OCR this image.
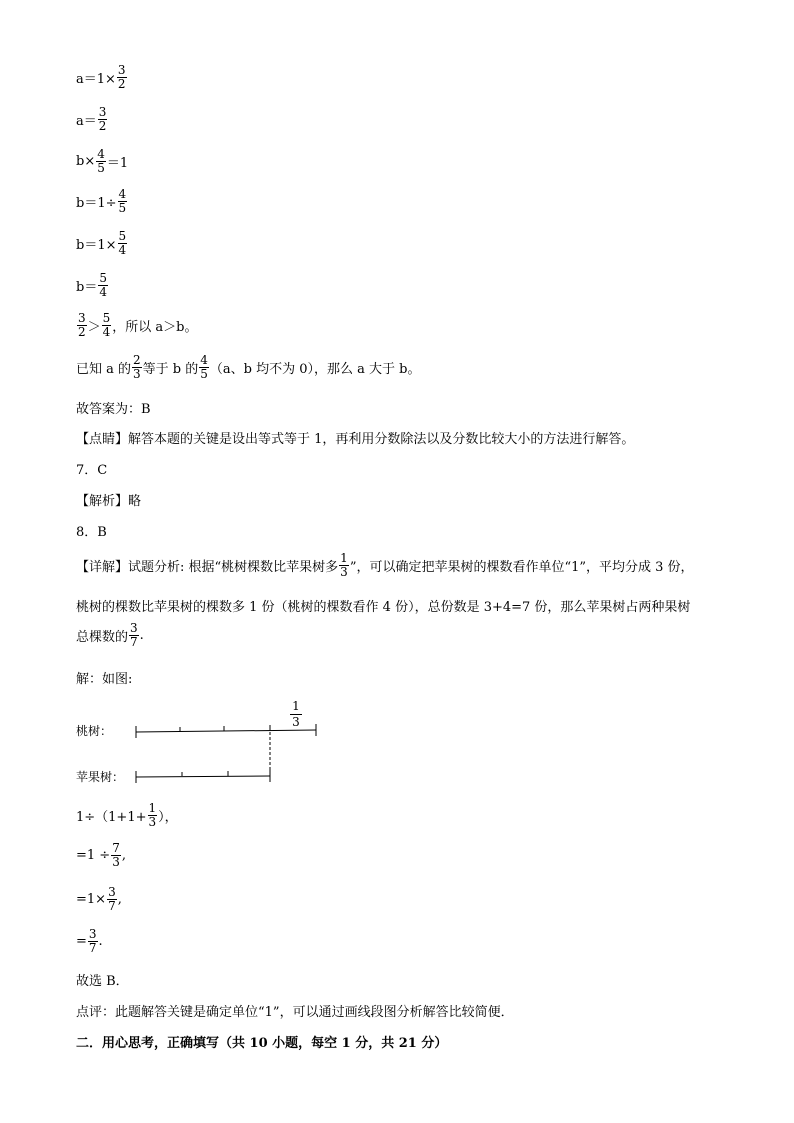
$a=1\times \frac{3}{2}$
$a= \frac{3}{2}$
$b\times \frac{4}{5} =1$
$b=1\div \frac{4}{5}$
$b=1\times \frac{5}{4}$
$b= \frac{5}{4}$
$\frac{3}{2} > \frac{5}{4}$ ，所以 a＞b。
已知 a 的 $\frac{2}{3}$ 等于 b 的 $\frac{4}{5} (a$、b 均不为 0），那么 a 大于 b。
故答案为：B
【点睛】解答本题的关键是设出等式等于 1，再利用分数除法以及分数比较大小的方法进行解答。
7．C
【解析】略
8．B
【详解】试题分析: 根据“桃树棵数比苹果树多 $\frac{1}{3}$ ”，可以确定把苹果树的棵数看作单位“1”，平均分成 3 份，
桃树的棵数比苹果树的棵数多 1 份（桃树的棵数看作 4 份），总份数是 3+4=7 份，那么苹果树占两种果树
总棵数的 $\frac{3}{7}$ .
解：如图:
桃树：
苹果树：
1
3
$1\div(1+1+ \frac{1}{3}$ ），
$=1 \div \frac{7}{3}$ ,
$=1\times \frac{3}{7}$ ,
= $\frac{3}{7}$ .
故选 B．
点评：此题解答关键是确定单位“1”，可以通过画线段图分析解答比较简便．
二．用心思考，正确填写（共 10 小题，每空 1 分，共 21 分）
